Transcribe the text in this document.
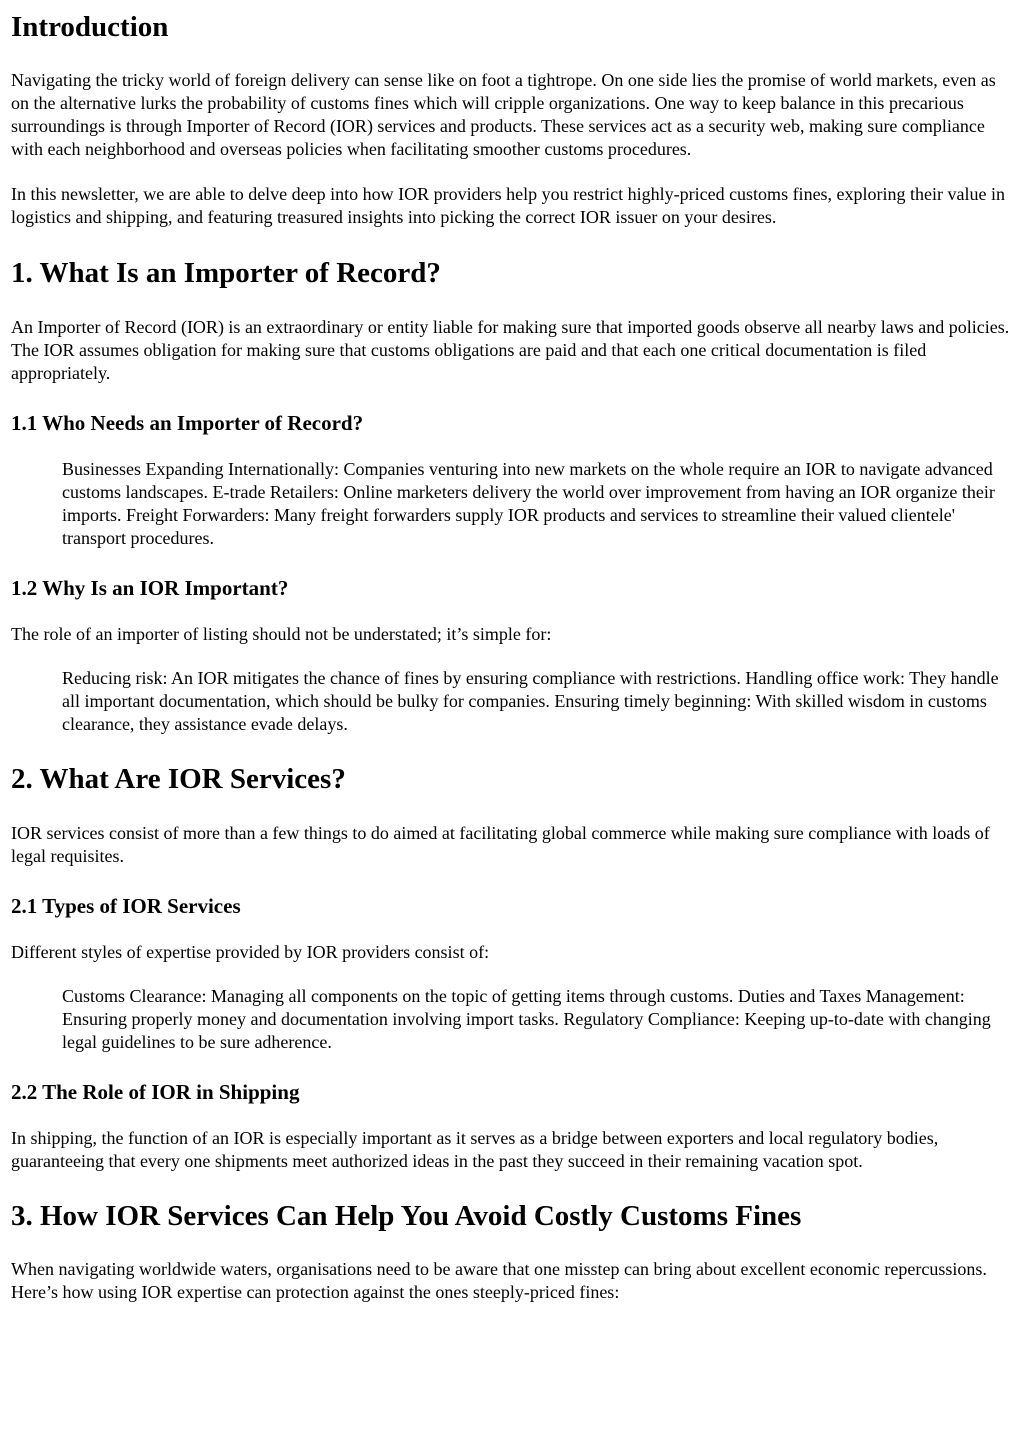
Introduction

Navigating the tricky world of foreign delivery can sense like on foot a tightrope. On one side lies the promise of world markets, even as on the alternative lurks the probability of customs fines which will cripple organizations. One way to keep balance in this precarious surroundings is through Importer of Record (IOR) services and products. These services act as a security web, making sure compliance with each neighborhood and overseas policies when facilitating smoother customs procedures.

In this newsletter, we are able to delve deep into how IOR providers help you restrict highly-priced customs fines, exploring their value in logistics and shipping, and featuring treasured insights into picking the correct IOR issuer on your desires.

1. What Is an Importer of Record?

An Importer of Record (IOR) is an extraordinary or entity liable for making sure that imported goods observe all nearby laws and policies. The IOR assumes obligation for making sure that customs obligations are paid and that each one critical documentation is filed appropriately.

1.1 Who Needs an Importer of Record?
Businesses Expanding Internationally: Companies venturing into new markets on the whole require an IOR to navigate advanced customs landscapes. E-trade Retailers: Online marketers delivery the world over improvement from having an IOR organize their imports. Freight Forwarders: Many freight forwarders supply IOR products and services to streamline their valued clientele' transport procedures.
1.2 Why Is an IOR Important?

The role of an importer of listing should not be understated; it’s simple for:

Reducing risk: An IOR mitigates the chance of fines by ensuring compliance with restrictions. Handling office work: They handle all important documentation, which should be bulky for companies. Ensuring timely beginning: With skilled wisdom in customs clearance, they assistance evade delays.
2. What Are IOR Services?

IOR services consist of more than a few things to do aimed at facilitating global commerce while making sure compliance with loads of legal requisites.

2.1 Types of IOR Services

Different styles of expertise provided by IOR providers consist of:

Customs Clearance: Managing all components on the topic of getting items through customs. Duties and Taxes Management: Ensuring properly money and documentation involving import tasks. Regulatory Compliance: Keeping up-to-date with changing legal guidelines to be sure adherence.
2.2 The Role of IOR in Shipping

In shipping, the function of an IOR is especially important as it serves as a bridge between exporters and local regulatory bodies, guaranteeing that every one shipments meet authorized ideas in the past they succeed in their remaining vacation spot.

3. How IOR Services Can Help You Avoid Costly Customs Fines

When navigating worldwide waters, organisations need to be aware that one misstep can bring about excellent economic repercussions. Here’s how using IOR expertise can protection against the ones steeply-priced fines:
